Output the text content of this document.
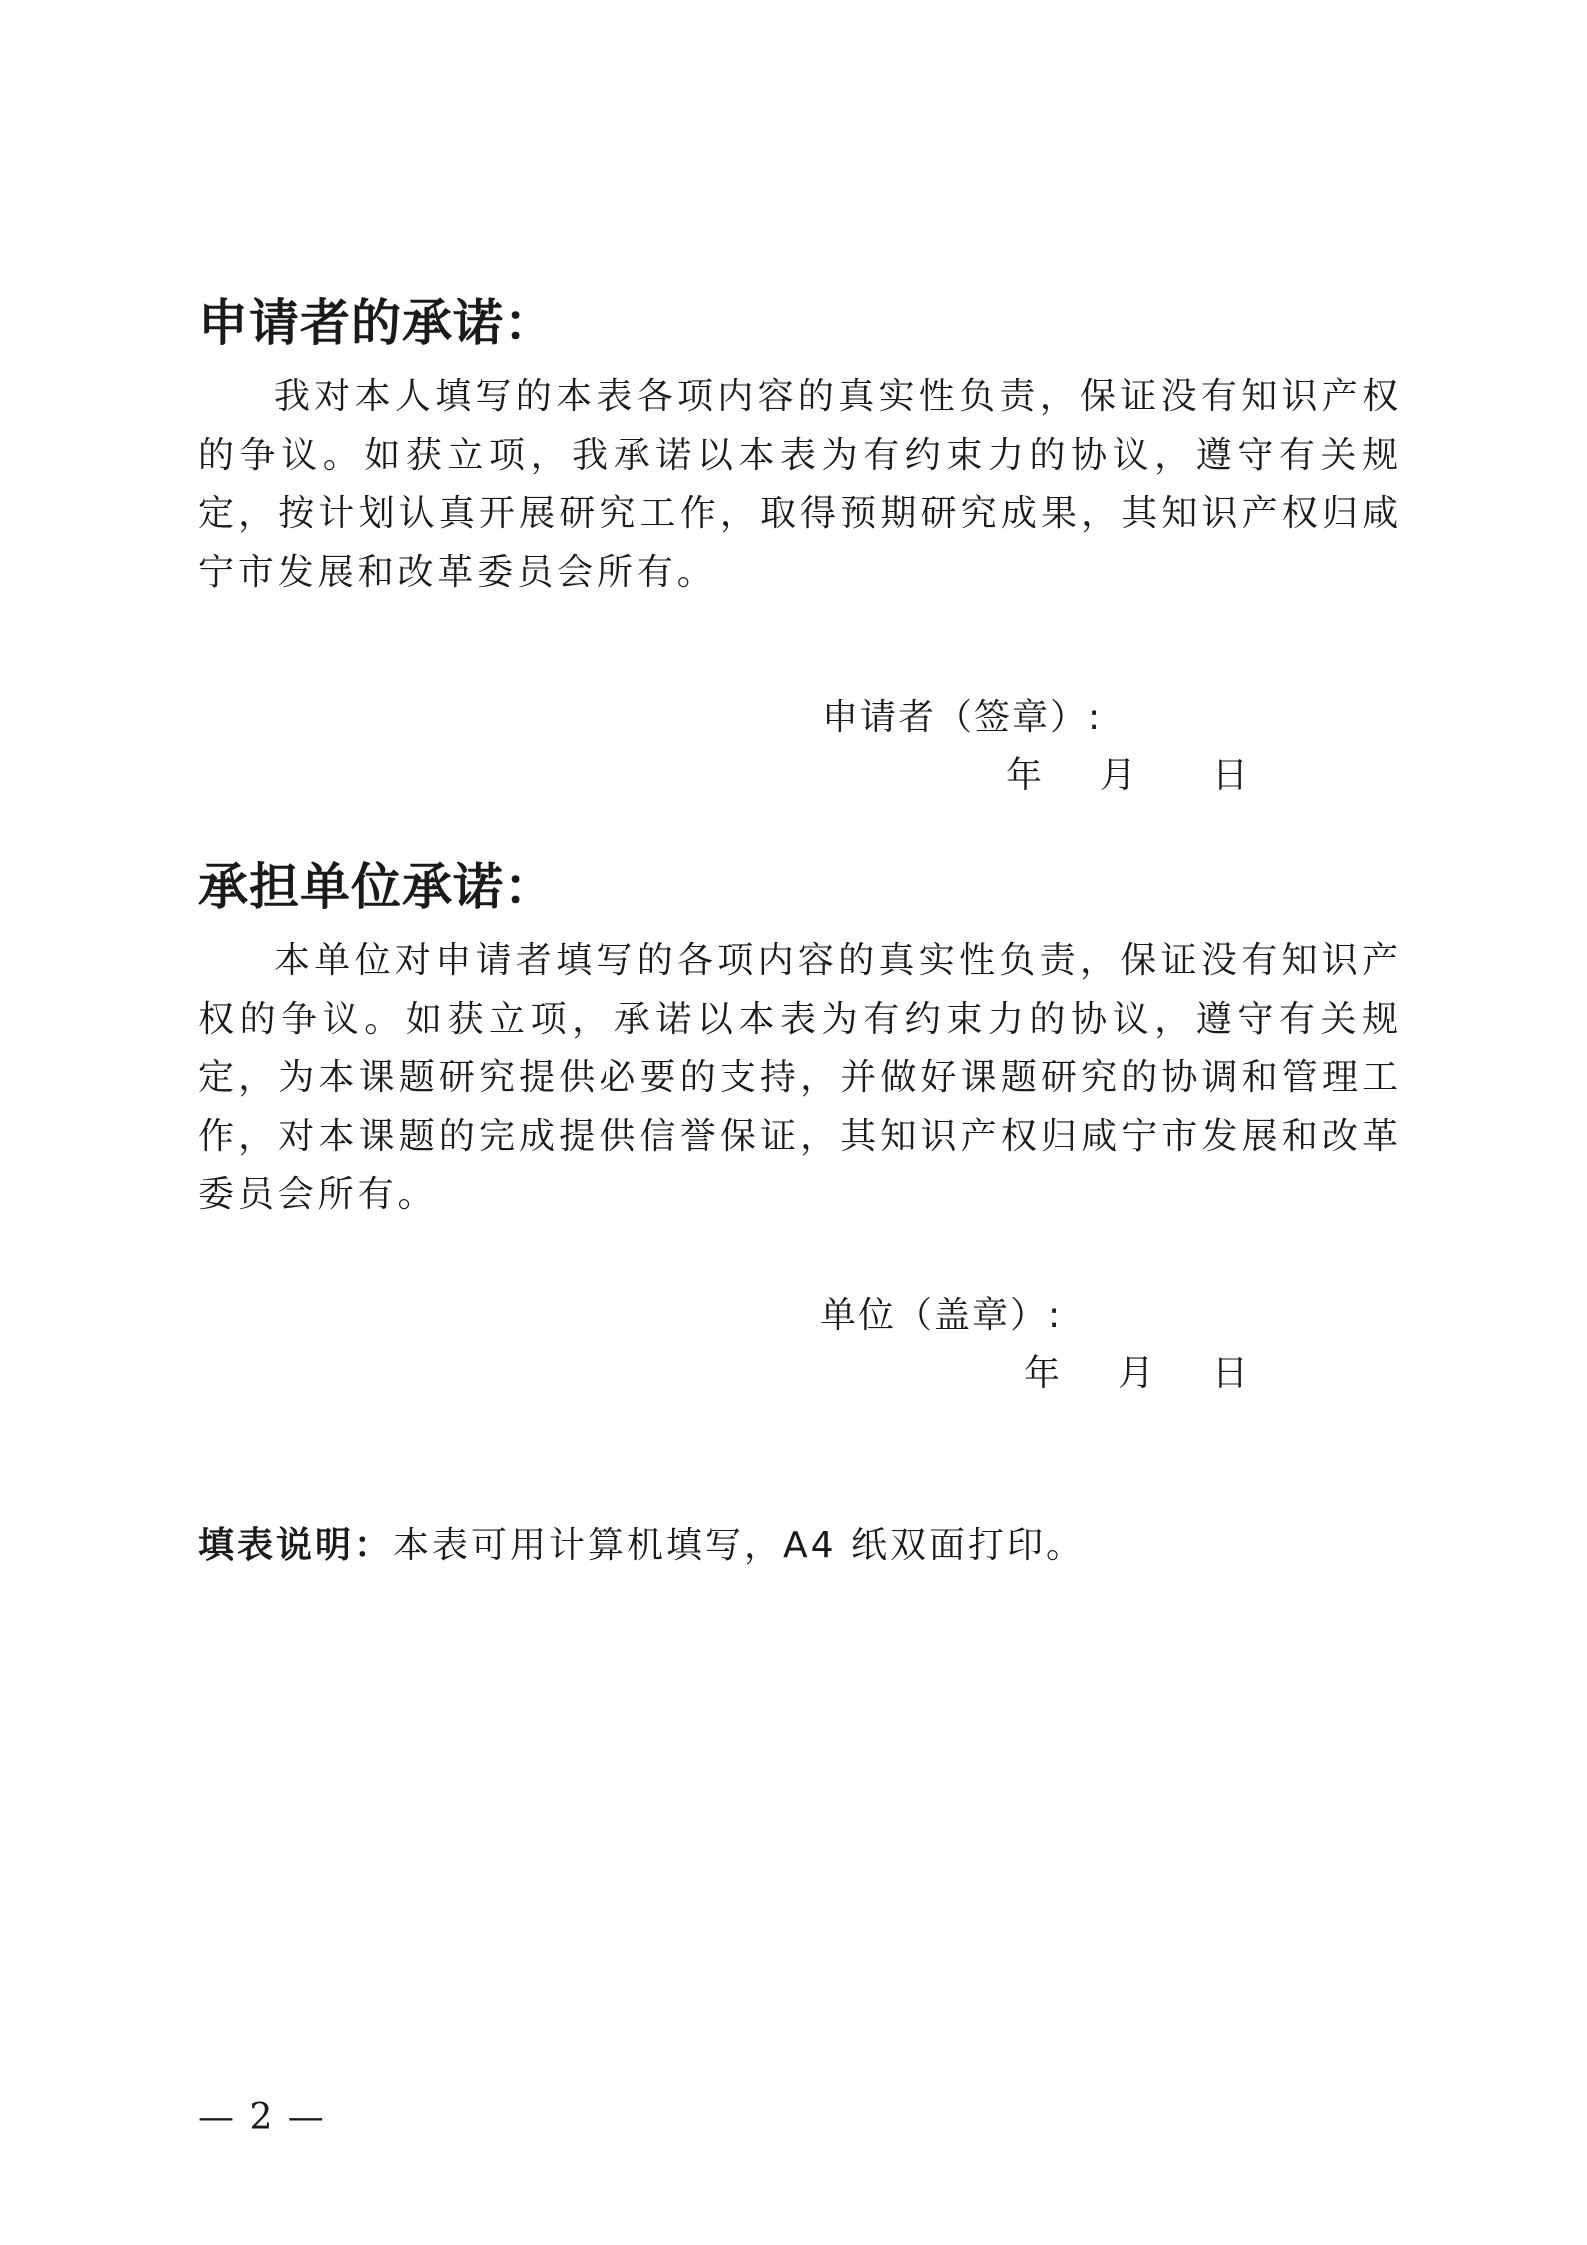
申请者的承诺：

我对本人填写的本表各项内容的真实性负责，保证没有知识产权的争议。如获立项，我承诺以本表为有约束力的协议，遵守有关规定，按计划认真开展研究工作，取得预期研究成果，其知识产权归咸宁市发展和改革委员会所有。

申请者（签章）:
年 月 日
承担单位承诺：

本单位对申请者填写的各项内容的真实性负责，保证没有知识产权的争议。如获立项，承诺以本表为有约束力的协议，遵守有关规定，为本课题研究提供必要的支持，并做好课题研究的协调和管理工作，对本课题的完成提供信誉保证，其知识产权归咸宁市发展和改革委员会所有。

单位（盖章）:
年 月 日
填表说明：本表可用计算机填写，A4 纸双面打印。
— 2 —
